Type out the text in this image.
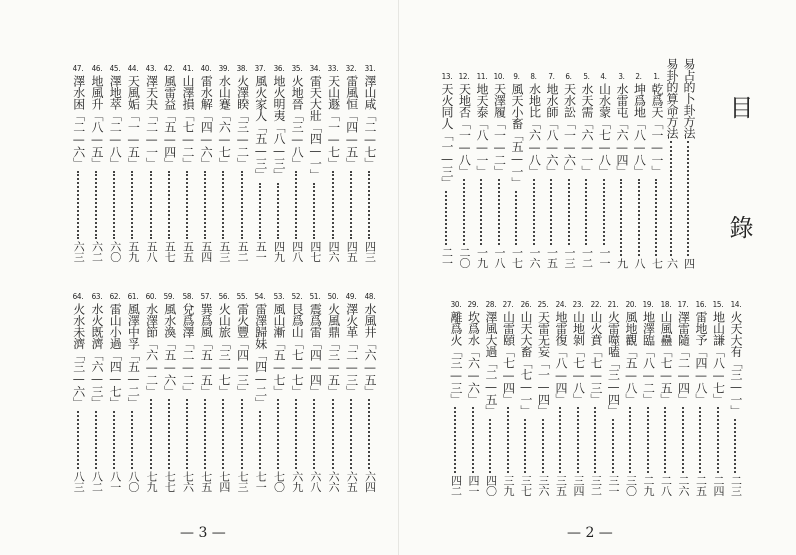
— 3 —
31.
澤山咸「二—七」
四三
32.
雷風恒「四—五」
四五
33.
天山遯「一—七」
四六
34.
雷天大壯「四—一」
四七
35.
火地晉「三—八」
四八
36.
地火明夷「八—三」
四九
37.
風火家人「五—三」
五一
38.
火澤睽「三—二」
五二
39.
水山蹇「六—七」
五三
40.
雷水解「四—六」
五四
41.
山澤損「七—二」
五五
42.
風雷益「五—四」
五七
43.
澤天夬「二—一」
五八
44.
天風姤「一—五」
五九
45.
澤地萃「二—八」
六〇
46.
地風升「八—五」
六二
47.
澤水困「二—六」
六三
48.
水風井「六—五」
六四
49.
澤火革「二—三」
六五
50.
火風鼎「三—五」
六六
51.
震爲雷「四—四」
六八
52.
艮爲山「七—七」
六九
53.
風山漸「五—七」
七〇
54.
雷澤歸妹「四—二」
七一
55.
雷火豐「四—三」
七三
56.
火山旅「三—七」
七四
57.
巽爲風「五—五」
七五
58.
兌爲澤「二—二」
七六
59.
風水渙「五—六」
七七
60.
水澤節「六—二」
七九
61.
風澤中孚「五—二」
八〇
62.
雷山小過「四—七」
八一
63.
水火既濟「六—三」
八二
64.
火水未濟「三—六」
八三
目 錄
— 2 —
易占的卜卦方法
四
易卦的算命方法
六
1.
乾爲天「一—一」
七
2.
坤爲地「八—八」
八
3.
水雷屯「六—四」
九
4.
山水蒙「七—八」
一一
5.
水天需「六—一」
一二
6.
天水訟「一—六」
一三
7.
地水師「八—六」
一五
8.
水地比「六—八」
一六
9.
風天小畜「五—一」
一七
10.
天澤履「一—二」
一八
11.
地天泰「八—一」
一九
12.
天地否「一—八」
二〇
13.
天火同人「一—三」
二一
14.
火天大有「三—一」
二三
15.
地山謙「八—七」
二四
16.
雷地予「四—八」
二五
17.
澤雷隨「二—四」
二六
18.
山風蠱「七—五」
二八
19.
地澤臨「八—二」
二九
20.
風地觀「五—八」
三〇
21.
火雷噬嗑「三—四」
三一
22.
山火賁「七—三」
三二
23.
山地剝「七—八」
三四
24.
地雷復「八—四」
三五
25.
天雷无妄「一—四」
三六
26.
山天大畜「七—一」
三七
27.
山雷頤「七—四」
三九
28.
澤風大過「二—五」
四〇
29.
坎爲水「六—六」
四一
30.
離爲火「三—三」
四二
